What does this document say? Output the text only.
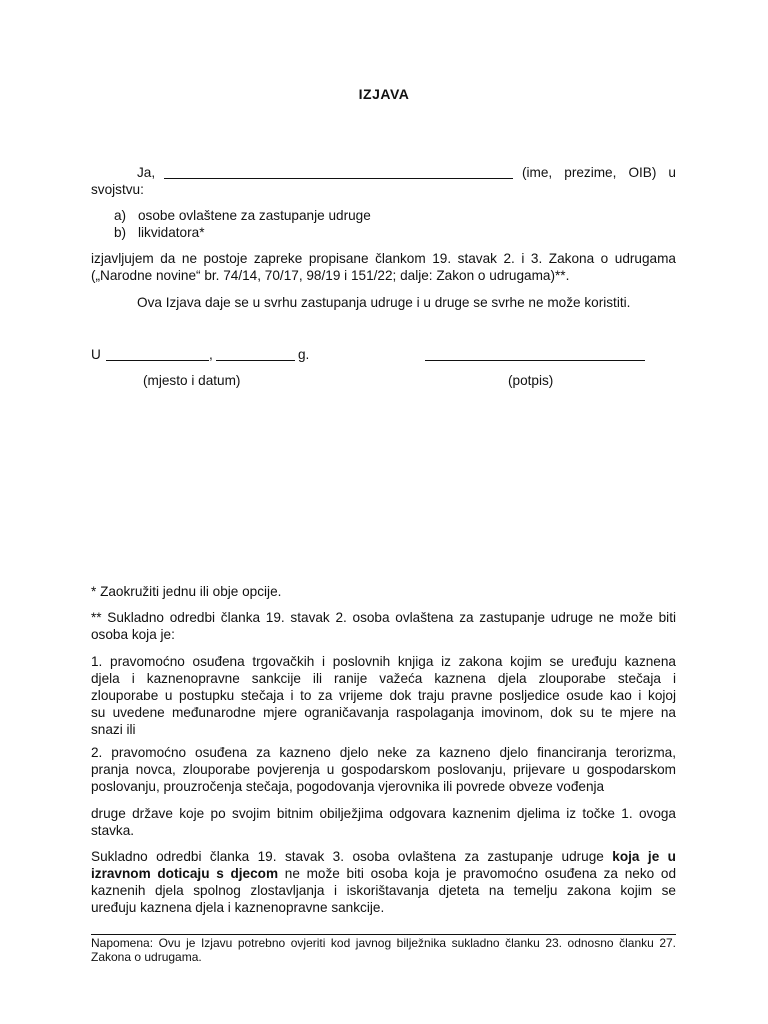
IZJAVA
Ja,	(ime, prezime, OIB) u
svojstvu:
a) osobe ovlaštene za zastupanje udruge
b) likvidatora*
izjavljujem da ne postoje zapreke propisane člankom 19. stavak 2. i 3. Zakona o udrugama
(„Narodne novine“ br. 74/14, 70/17, 98/19 i 151/22; dalje: Zakon o udrugama)**.
Ova Izjava daje se u svrhu zastupanja udruge i u druge se svrhe ne može koristiti.
U	,	g.
(mjesto i datum)	(potpis)
* Zaokružiti jednu ili obje opcije.
** Sukladno odredbi članka 19. stavak 2. osoba ovlaštena za zastupanje udruge ne može biti
osoba koja je:
1. pravomoćno osuđena trgovačkih i poslovnih knjiga iz zakona kojim se uređuju kaznena
djela i kaznenopravne sankcije ili ranije važeća kaznena djela zlouporabe stečaja i
zlouporabe u postupku stečaja i to za vrijeme dok traju pravne posljedice osude kao i kojoj
su uvedene međunarodne mjere ograničavanja raspolaganja imovinom, dok su te mjere na
snazi ili
2. pravomoćno osuđena za kazneno djelo neke za kazneno djelo financiranja terorizma,
pranja novca, zlouporabe povjerenja u gospodarskom poslovanju, prijevare u gospodarskom
poslovanju, prouzročenja stečaja, pogodovanja vjerovnika ili povrede obveze vođenja
druge države koje po svojim bitnim obilježjima odgovara kaznenim djelima iz točke 1. ovoga
stavka.
Sukladno odredbi članka 19. stavak 3. osoba ovlaštena za zastupanje udruge koja je u
izravnom doticaju s djecom ne može biti osoba koja je pravomoćno osuđena za neko od
kaznenih djela spolnog zlostavljanja i iskorištavanja djeteta na temelju zakona kojim se
uređuju kaznena djela i kaznenopravne sankcije.
Napomena: Ovu je Izjavu potrebno ovjeriti kod javnog bilježnika sukladno članku 23. odnosno članku 27. Zakona o udrugama.
